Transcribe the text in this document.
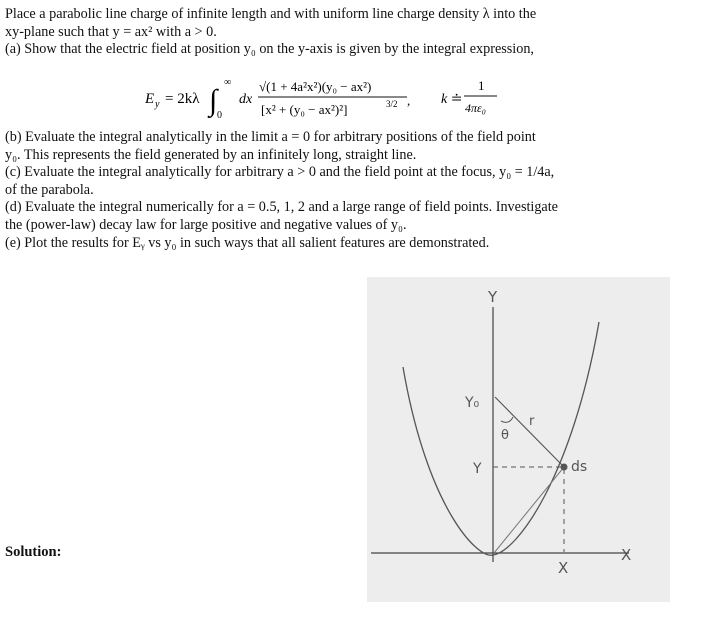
Place a parabolic line charge of infinite length and with uniform line charge density λ into the
xy-plane such that y = ax² with a > 0.
(a) Show that the electric field at position y₀ on the y-axis is given by the integral expression,
E y = 2kλ ∫
∞
0
dx
√(1 + 4a²x²)(y₀ − ax²)
[x² + (y₀ − ax²)²]	3/2 , k ≐
1
4πε₀
(b) Evaluate the integral analytically in the limit a = 0 for arbitrary positions of the field point
y₀. This represents the field generated by an infinitely long, straight line.
(c) Evaluate the integral analytically for arbitrary a > 0 and the field point at the focus, y₀ = 1/4a,
of the parabola.
(d) Evaluate the integral numerically for a = 0.5, 1, 2 and a large range of field points. Investigate
the (power-law) decay law for large positive and negative values of y₀.
(e) Plot the results for Eᵧ vs y₀ in such ways that all salient features are demonstrated.
Solution:
Y
X
Y₀
Y
θ
r
ds
X
